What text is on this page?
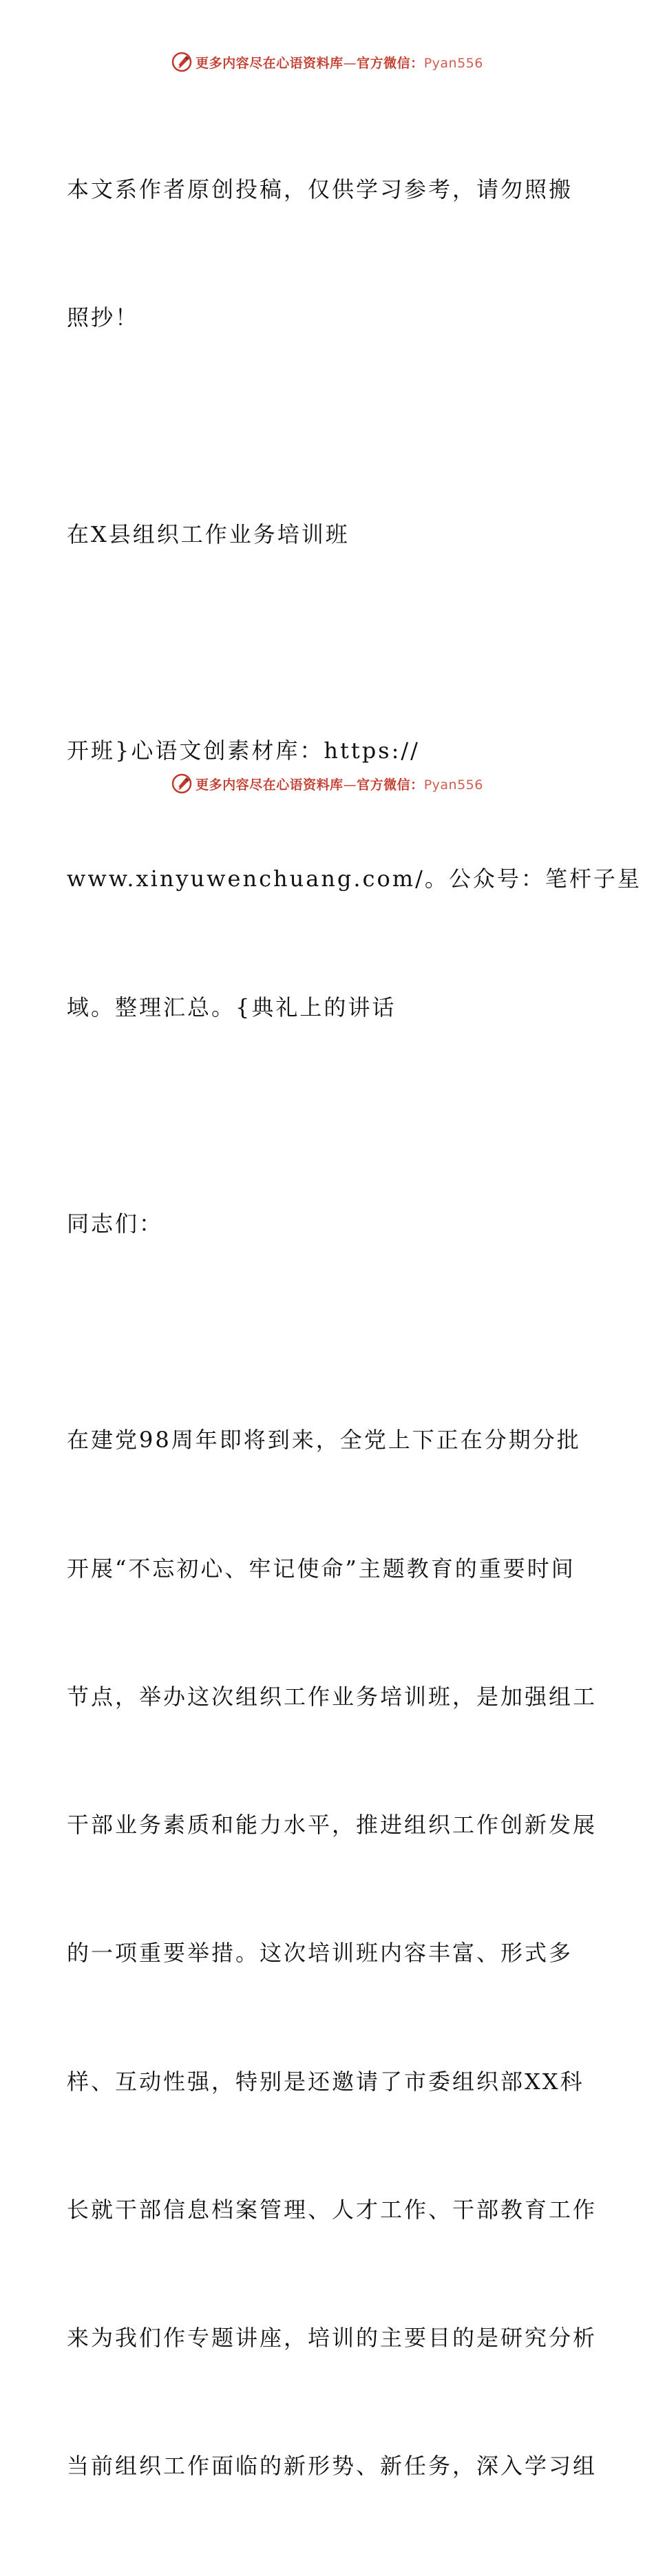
更多内容尽在心语资料库—官方微信：Pyan556

本文系作者原创投稿，仅供学习参考，请勿照搬

照抄！

在X县组织工作业务培训班

开班}心语文创素材库：https://

www.xinyuwenchuang.com/。公众号：笔杆子星

域。整理汇总。{典礼上的讲话

同志们：

在建党98周年即将到来，全党上下正在分期分批

开展“不忘初心、牢记使命”主题教育的重要时间

节点，举办这次组织工作业务培训班，是加强组工

干部业务素质和能力水平，推进组织工作创新发展

的一项重要举措。这次培训班内容丰富、形式多

样、互动性强，特别是还邀请了市委组织部XX科

长就干部信息档案管理、人才工作、干部教育工作

来为我们作专题讲座，培训的主要目的是研究分析

当前组织工作面临的新形势、新任务，深入学习组

更多内容尽在心语资料库—官方微信：Pyan556
